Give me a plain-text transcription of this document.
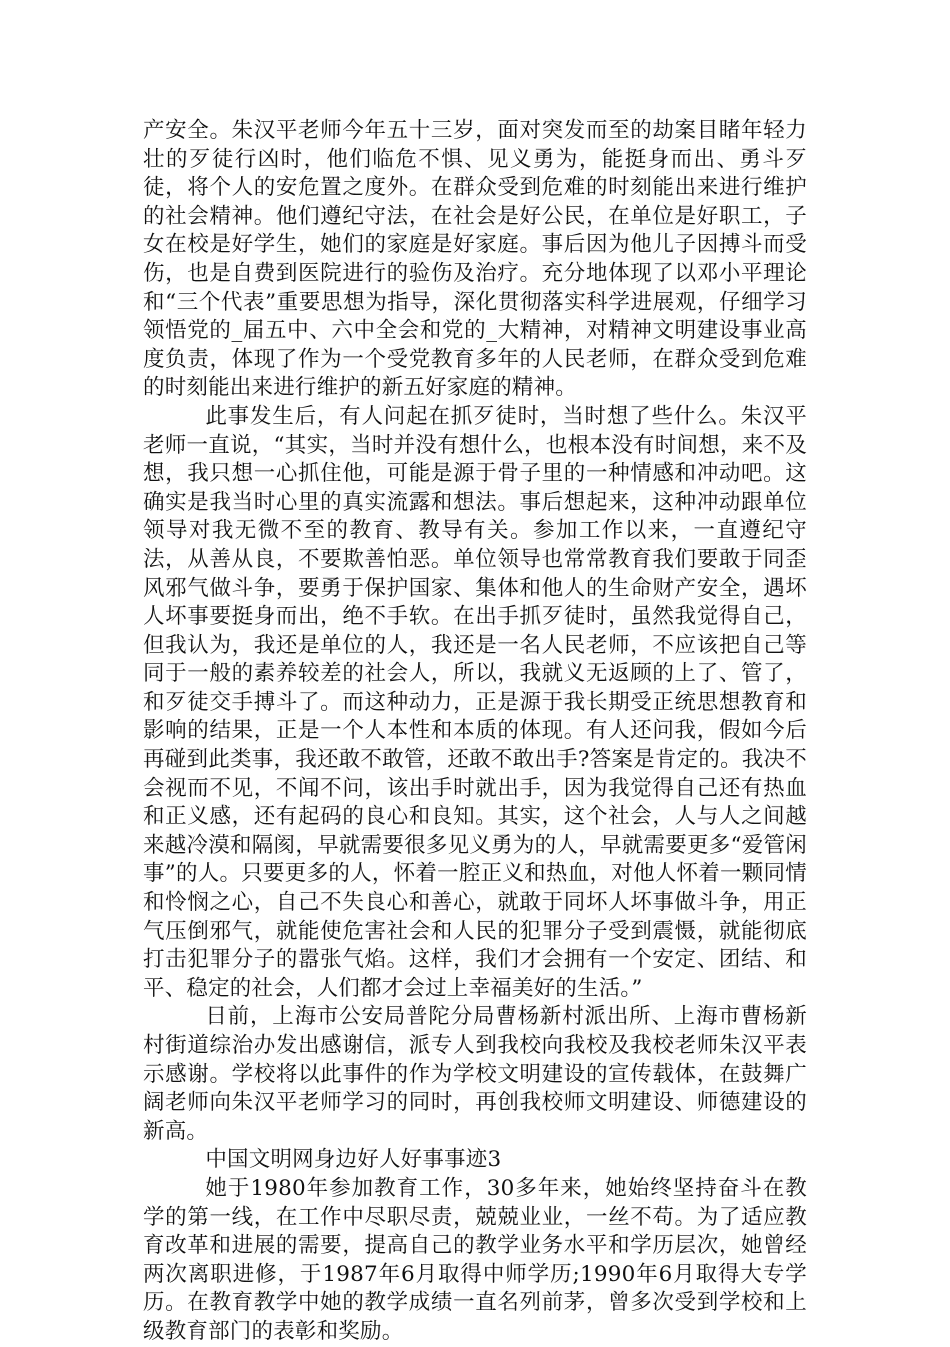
产安全。朱汉平老师今年五十三岁，面对突发而至的劫案目睹年轻力壮的歹徒行凶时，他们临危不惧、见义勇为，能挺身而出、勇斗歹徒，将个人的安危置之度外。在群众受到危难的时刻能出来进行维护的社会精神。他们遵纪守法，在社会是好公民，在单位是好职工，子女在校是好学生，她们的家庭是好家庭。事后因为他儿子因搏斗而受伤，也是自费到医院进行的验伤及治疗。充分地体现了以邓小平理论和“三个代表”重要思想为指导，深化贯彻落实科学进展观，仔细学习领悟党的_届五中、六中全会和党的_大精神，对精神文明建设事业高度负责，体现了作为一个受党教育多年的人民老师，在群众受到危难的时刻能出来进行维护的新五好家庭的精神。

此事发生后，有人问起在抓歹徒时，当时想了些什么。朱汉平老师一直说，“其实，当时并没有想什么，也根本没有时间想，来不及想，我只想一心抓住他，可能是源于骨子里的一种情感和冲动吧。这确实是我当时心里的真实流露和想法。事后想起来，这种冲动跟单位领导对我无微不至的教育、教导有关。参加工作以来，一直遵纪守法，从善从良，不要欺善怕恶。单位领导也常常教育我们要敢于同歪风邪气做斗争，要勇于保护国家、集体和他人的生命财产安全，遇坏人坏事要挺身而出，绝不手软。在出手抓歹徒时，虽然我觉得自己，但我认为，我还是单位的人，我还是一名人民老师，不应该把自己等同于一般的素养较差的社会人，所以，我就义无返顾的上了、管了，和歹徒交手搏斗了。而这种动力，正是源于我长期受正统思想教育和影响的结果，正是一个人本性和本质的体现。有人还问我，假如今后再碰到此类事，我还敢不敢管，还敢不敢出手?答案是肯定的。我决不会视而不见，不闻不问，该出手时就出手，因为我觉得自己还有热血和正义感，还有起码的良心和良知。其实，这个社会，人与人之间越来越冷漠和隔阂，早就需要很多见义勇为的人，早就需要更多“爱管闲事”的人。只要更多的人，怀着一腔正义和热血，对他人怀着一颗同情和怜悯之心，自己不失良心和善心，就敢于同坏人坏事做斗争，用正气压倒邪气，就能使危害社会和人民的犯罪分子受到震慑，就能彻底打击犯罪分子的嚣张气焰。这样，我们才会拥有一个安定、团结、和平、稳定的社会，人们都才会过上幸福美好的生活。”

日前，上海市公安局普陀分局曹杨新村派出所、上海市曹杨新村街道综治办发出感谢信，派专人到我校向我校及我校老师朱汉平表示感谢。学校将以此事件的作为学校文明建设的宣传载体，在鼓舞广阔老师向朱汉平老师学习的同时，再创我校师文明建设、师德建设的新高。

中国文明网身边好人好事事迹3

她于1980年参加教育工作，30多年来，她始终坚持奋斗在教学的第一线，在工作中尽职尽责，兢兢业业，一丝不苟。为了适应教育改革和进展的需要，提高自己的教学业务水平和学历层次，她曾经两次离职进修，于1987年6月取得中师学历;1990年6月取得大专学历。在教育教学中她的教学成绩一直名列前茅，曾多次受到学校和上级教育部门的表彰和奖励。
